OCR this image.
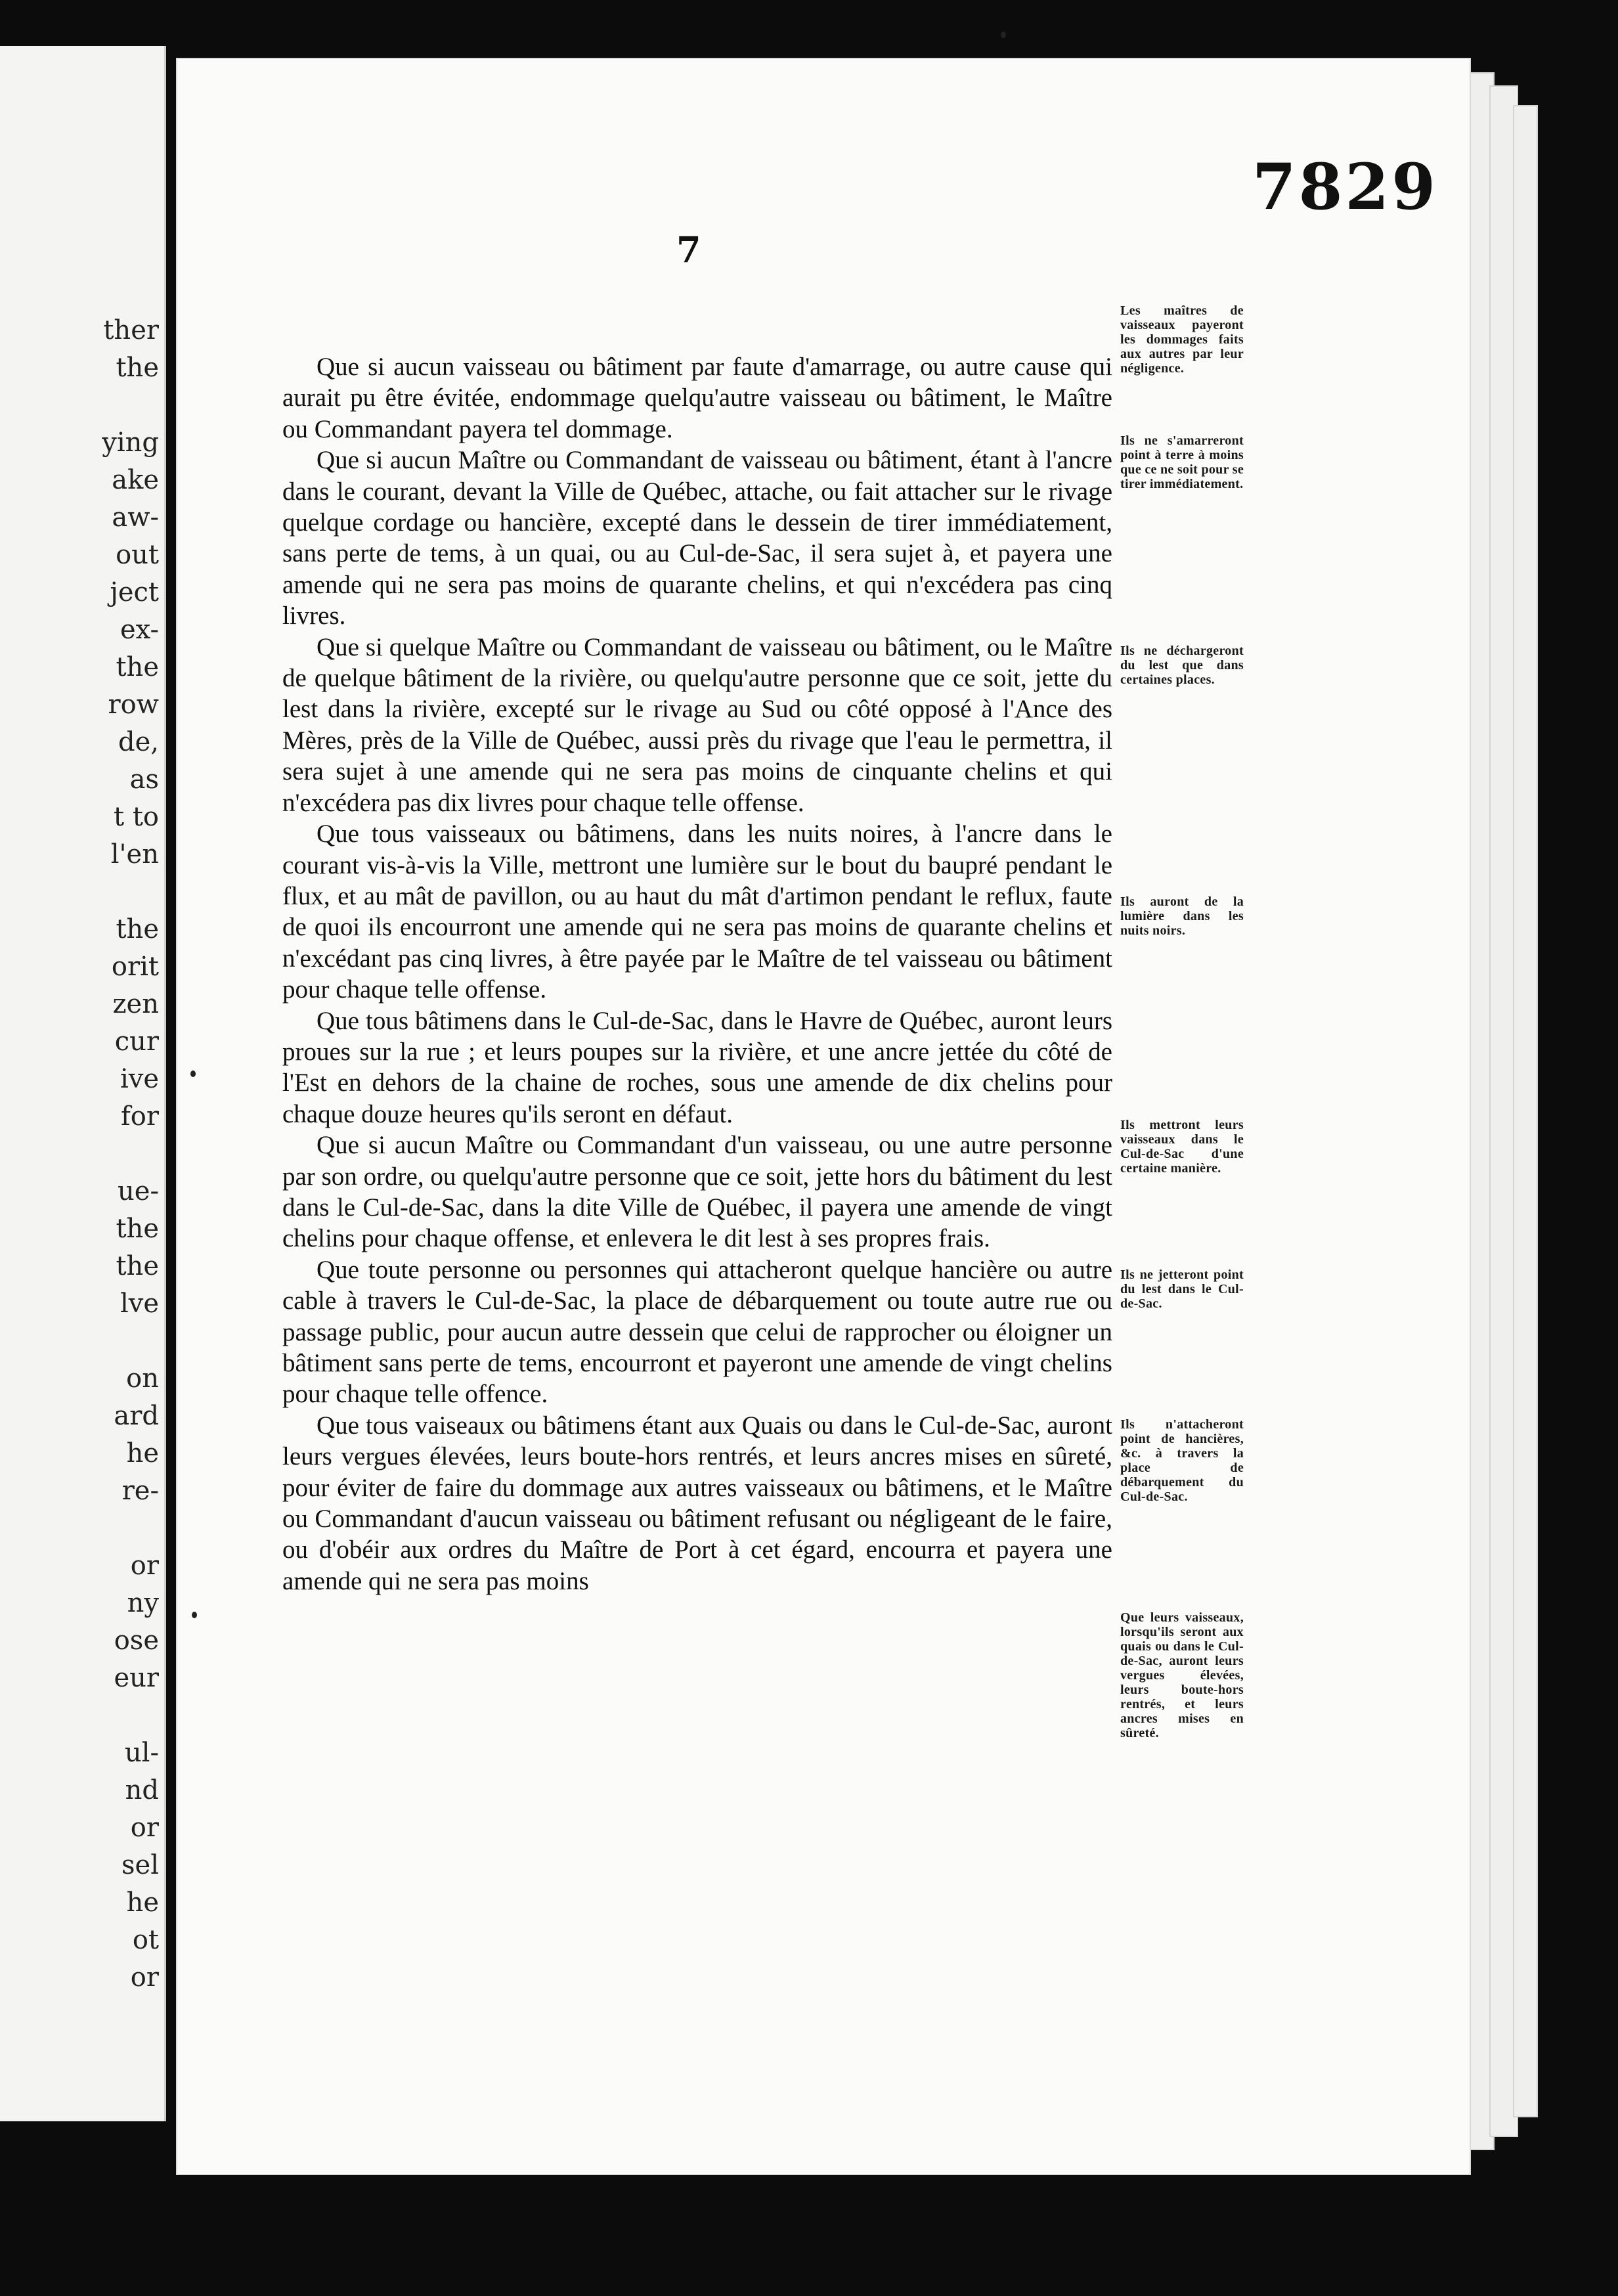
ther
the
ying
ake
aw-
out
ject
ex-
the
row
de,
as
t to
l'en
the
orit
zen
cur
ive
for
ue-
the
the
lve
on
ard
he
re-
or
ny
ose
eur
ul-
nd
or
sel
he
ot
or
7829
7

Que si aucun vaisseau ou bâtiment par faute d'amarrage, ou autre cause qui aurait pu être évitée, endommage quelqu'autre vaisseau ou bâtiment, le Maître ou Commandant payera tel dommage.

Que si aucun Maître ou Commandant de vaisseau ou bâtiment, étant à l'ancre dans le courant, devant la Ville de Québec, attache, ou fait attacher sur le rivage quelque cordage ou hancière, excepté dans le dessein de tirer immédiatement, sans perte de tems, à un quai, ou au Cul-de-Sac, il sera sujet à, et payera une amende qui ne sera pas moins de quarante chelins, et qui n'excédera pas cinq livres.

Que si quelque Maître ou Commandant de vaisseau ou bâtiment, ou le Maître de quelque bâtiment de la rivière, ou quelqu'autre personne que ce soit, jette du lest dans la rivière, excepté sur le rivage au Sud ou côté opposé à l'Ance des Mères, près de la Ville de Québec, aussi près du rivage que l'eau le permettra, il sera sujet à une amende qui ne sera pas moins de cinquante chelins et qui n'excédera pas dix livres pour chaque telle offense.

Que tous vaisseaux ou bâtimens, dans les nuits noires, à l'ancre dans le courant vis-à-vis la Ville, mettront une lumière sur le bout du baupré pendant le flux, et au mât de pavillon, ou au haut du mât d'artimon pendant le reflux, faute de quoi ils encourront une amende qui ne sera pas moins de quarante chelins et n'excédant pas cinq livres, à être payée par le Maître de tel vaisseau ou bâtiment pour chaque telle offense.

Que tous bâtimens dans le Cul-de-Sac, dans le Havre de Québec, auront leurs proues sur la rue ; et leurs poupes sur la rivière, et une ancre jettée du côté de l'Est en dehors de la chaine de roches, sous une amende de dix chelins pour chaque douze heures qu'ils seront en défaut.

Que si aucun Maître ou Commandant d'un vaisseau, ou une autre personne par son ordre, ou quelqu'autre personne que ce soit, jette hors du bâtiment du lest dans le Cul-de-Sac, dans la dite Ville de Québec, il payera une amende de vingt chelins pour chaque offense, et enlevera le dit lest à ses propres frais.

Que toute personne ou personnes qui attacheront quelque hancière ou autre cable à travers le Cul-de-Sac, la place de débarquement ou toute autre rue ou passage public, pour aucun autre dessein que celui de rapprocher ou éloigner un bâtiment sans perte de tems, encourront et payeront une amende de vingt chelins pour chaque telle offence.

Que tous vaiseaux ou bâtimens étant aux Quais ou dans le Cul-de-Sac, auront leurs vergues élevées, leurs boute-hors rentrés, et leurs ancres mises en sûreté, pour éviter de faire du dommage aux autres vaisseaux ou bâtimens, et le Maître ou Commandant d'aucun vaisseau ou bâtiment refusant ou négligeant de le faire, ou d'obéir aux ordres du Maître de Port à cet égard, encourra et payera une amende qui ne sera pas moins

Les maîtres de vaisseaux payeront les dommages faits aux autres par leur négligence.
Ils ne s'amarreront point à terre à moins que ce ne soit pour se tirer immédiatement.
Ils ne déchargeront du lest que dans certaines places.
Ils auront de la lumière dans les nuits noirs.
Ils mettront leurs vaisseaux dans le Cul-de-Sac d'une certaine manière.
Ils ne jetteront point du lest dans le Cul-de-Sac.
Ils n'attacheront point de hancières, &c. à travers la place de débarquement du Cul-de-Sac.
Que leurs vaisseaux, lorsqu'ils seront aux quais ou dans le Cul-de-Sac, auront leurs vergues élevées, leurs boute-hors rentrés, et leurs ancres mises en sûreté.
